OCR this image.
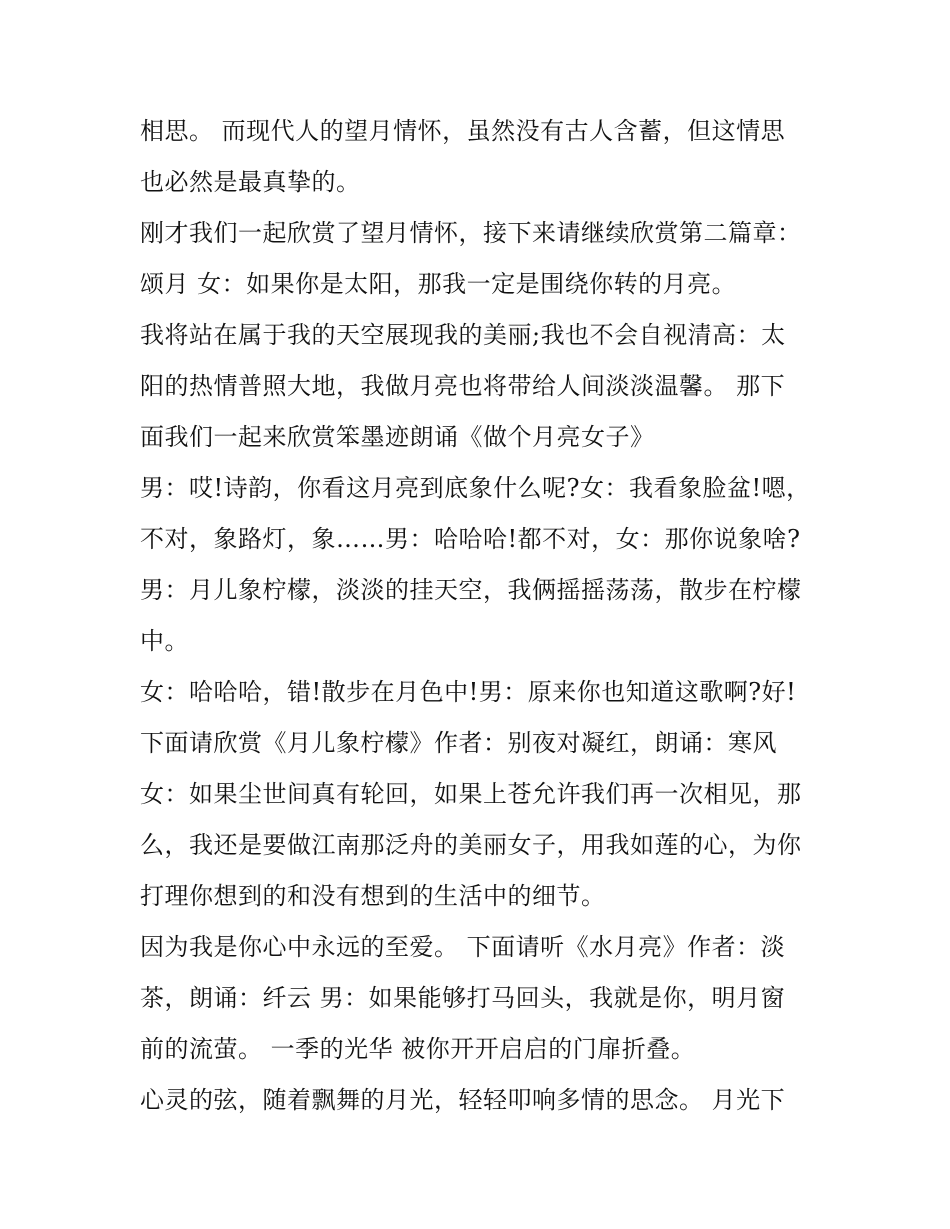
相思。 而现代人的望月情怀，虽然没有古人含蓄，但这情思
也必然是最真挚的。
刚才我们一起欣赏了望月情怀，接下来请继续欣赏第二篇章：
颂月 女：如果你是太阳，那我一定是围绕你转的月亮。
我将站在属于我的天空展现我的美丽;我也不会自视清高：太
阳的热情普照大地，我做月亮也将带给人间淡淡温馨。 那下
面我们一起来欣赏笨墨迹朗诵《做个月亮女子》
男：哎!诗韵，你看这月亮到底象什么呢?女：我看象脸盆!嗯，
不对，象路灯，象……男：哈哈哈!都不对，女：那你说象啥?
男：月儿象柠檬，淡淡的挂天空，我俩摇摇荡荡，散步在柠檬
中。
女：哈哈哈，错!散步在月色中!男：原来你也知道这歌啊?好!
下面请欣赏《月儿象柠檬》作者：别夜对凝红，朗诵：寒风
女：如果尘世间真有轮回，如果上苍允许我们再一次相见，那
么，我还是要做江南那泛舟的美丽女子，用我如莲的心，为你
打理你想到的和没有想到的生活中的细节。
因为我是你心中永远的至爱。 下面请听《水月亮》作者：淡
茶，朗诵：纤云 男：如果能够打马回头，我就是你，明月窗
前的流萤。 一季的光华 被你开开启启的门扉折叠。
心灵的弦，随着飘舞的月光，轻轻叩响多情的思念。 月光下
